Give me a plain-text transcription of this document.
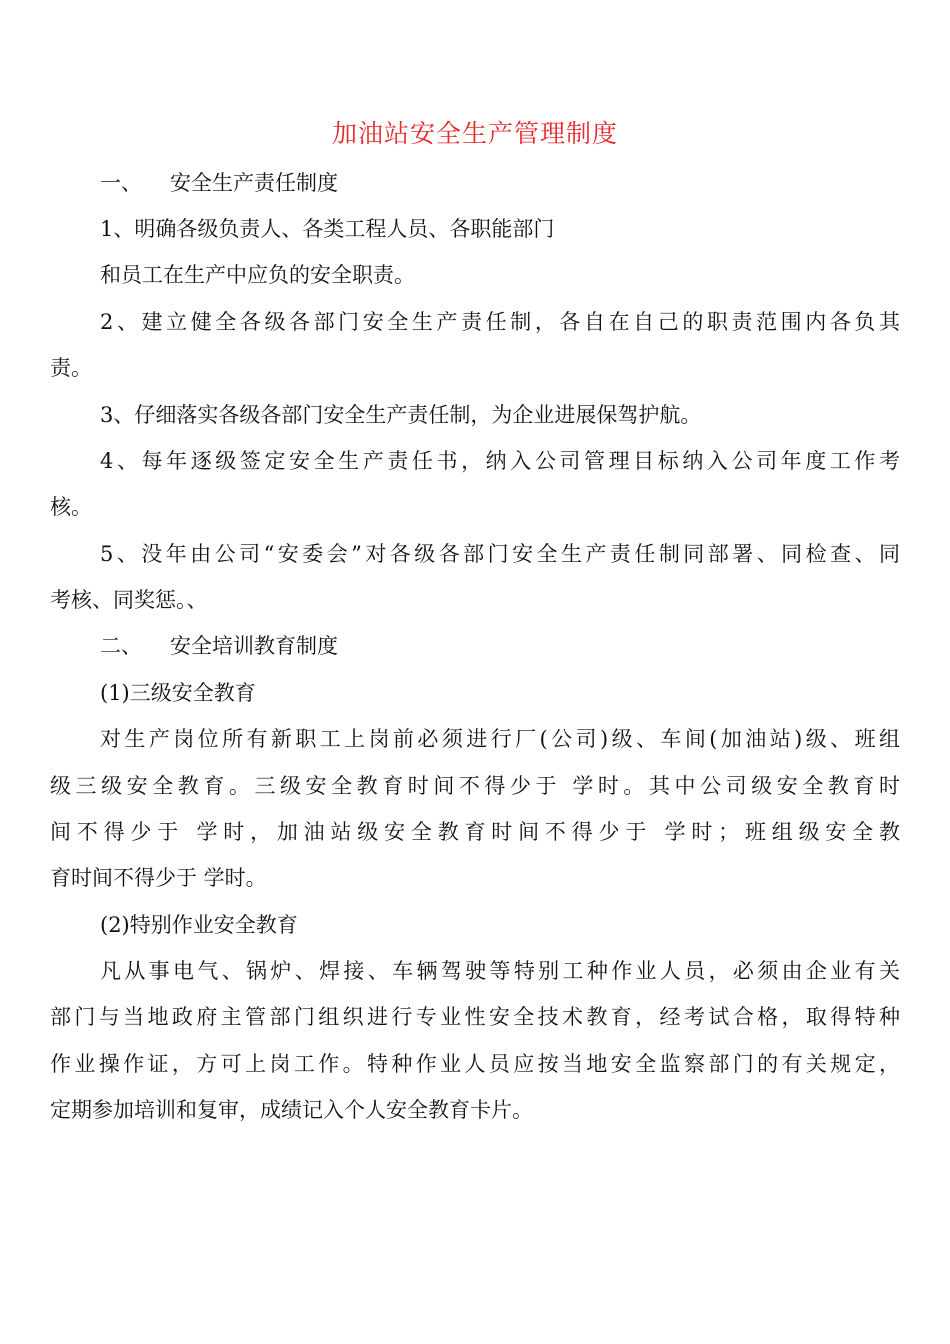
加油站安全生产管理制度
一、 安全生产责任制度
1、明确各级负责人、各类工程人员、各职能部门
和员工在生产中应负的安全职责。
2、建立健全各级各部门安全生产责任制，各自在自己的职责范围内各负其
责。
3、仔细落实各级各部门安全生产责任制，为企业进展保驾护航。
4、每年逐级签定安全生产责任书，纳入公司管理目标纳入公司年度工作考
核。
5、没年由公司“安委会”对各级各部门安全生产责任制同部署、同检查、同
考核、同奖惩。、
二、 安全培训教育制度
(1)三级安全教育
对生产岗位所有新职工上岗前必须进行厂(公司)级、车间(加油站)级、班组
级三级安全教育。三级安全教育时间不得少于 学时。其中公司级安全教育时
间不得少于 学时，加油站级安全教育时间不得少于 学时；班组级安全教
育时间不得少于 学时。
(2)特别作业安全教育
凡从事电气、锅炉、焊接、车辆驾驶等特别工种作业人员，必须由企业有关
部门与当地政府主管部门组织进行专业性安全技术教育，经考试合格，取得特种
作业操作证，方可上岗工作。特种作业人员应按当地安全监察部门的有关规定，
定期参加培训和复审，成绩记入个人安全教育卡片。
